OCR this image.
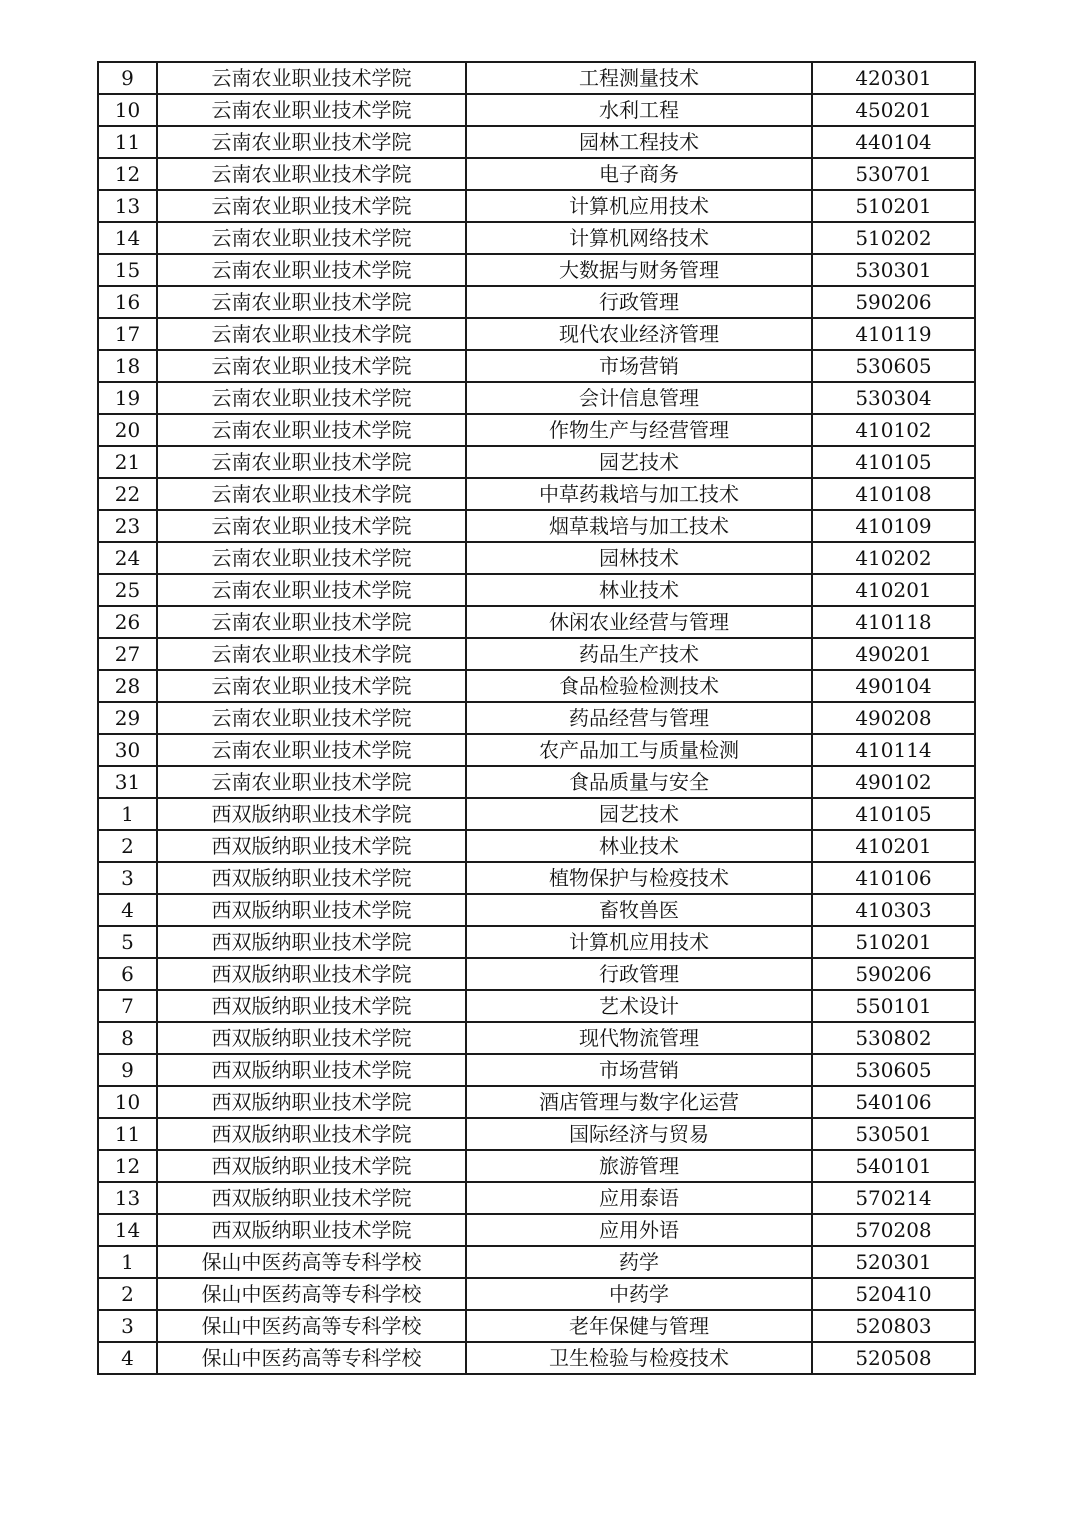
9	云南农业职业技术学院	工程测量技术	420301
10	云南农业职业技术学院	水利工程	450201
11	云南农业职业技术学院	园林工程技术	440104
12	云南农业职业技术学院	电子商务	530701
13	云南农业职业技术学院	计算机应用技术	510201
14	云南农业职业技术学院	计算机网络技术	510202
15	云南农业职业技术学院	大数据与财务管理	530301
16	云南农业职业技术学院	行政管理	590206
17	云南农业职业技术学院	现代农业经济管理	410119
18	云南农业职业技术学院	市场营销	530605
19	云南农业职业技术学院	会计信息管理	530304
20	云南农业职业技术学院	作物生产与经营管理	410102
21	云南农业职业技术学院	园艺技术	410105
22	云南农业职业技术学院	中草药栽培与加工技术	410108
23	云南农业职业技术学院	烟草栽培与加工技术	410109
24	云南农业职业技术学院	园林技术	410202
25	云南农业职业技术学院	林业技术	410201
26	云南农业职业技术学院	休闲农业经营与管理	410118
27	云南农业职业技术学院	药品生产技术	490201
28	云南农业职业技术学院	食品检验检测技术	490104
29	云南农业职业技术学院	药品经营与管理	490208
30	云南农业职业技术学院	农产品加工与质量检测	410114
31	云南农业职业技术学院	食品质量与安全	490102
1	西双版纳职业技术学院	园艺技术	410105
2	西双版纳职业技术学院	林业技术	410201
3	西双版纳职业技术学院	植物保护与检疫技术	410106
4	西双版纳职业技术学院	畜牧兽医	410303
5	西双版纳职业技术学院	计算机应用技术	510201
6	西双版纳职业技术学院	行政管理	590206
7	西双版纳职业技术学院	艺术设计	550101
8	西双版纳职业技术学院	现代物流管理	530802
9	西双版纳职业技术学院	市场营销	530605
10	西双版纳职业技术学院	酒店管理与数字化运营	540106
11	西双版纳职业技术学院	国际经济与贸易	530501
12	西双版纳职业技术学院	旅游管理	540101
13	西双版纳职业技术学院	应用泰语	570214
14	西双版纳职业技术学院	应用外语	570208
1	保山中医药高等专科学校	药学	520301
2	保山中医药高等专科学校	中药学	520410
3	保山中医药高等专科学校	老年保健与管理	520803
4	保山中医药高等专科学校	卫生检验与检疫技术	520508
